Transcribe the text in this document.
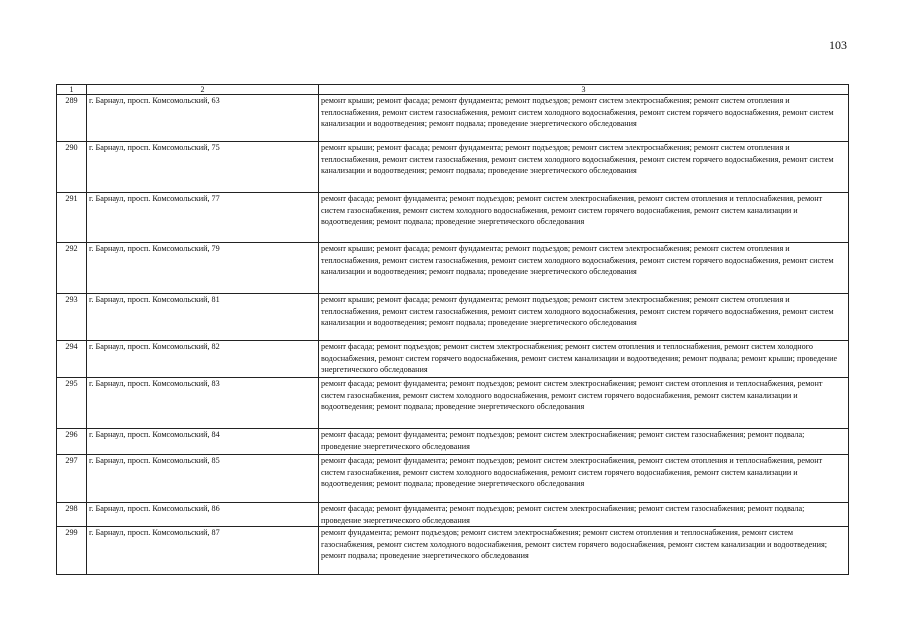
103
1	2	3
289	г. Барнаул, просп. Комсомольский, 63	ремонт крыши; ремонт фасада; ремонт фундамента; ремонт подъездов; ремонт систем электроснабжения; ремонт систем отопления и теплоснабжения, ремонт систем газоснабжения, ремонт систем холодного водоснабжения, ремонт систем горячего водоснабжения, ремонт систем канализации и водоотведения; ремонт подвала; проведение энергетического обследования
290	г. Барнаул, просп. Комсомольский, 75	ремонт крыши; ремонт фасада; ремонт фундамента; ремонт подъездов; ремонт систем электроснабжения; ремонт систем отопления и теплоснабжения, ремонт систем газоснабжения, ремонт систем холодного водоснабжения, ремонт систем горячего водоснабжения, ремонт систем канализации и водоотведения; ремонт подвала; проведение энергетического обследования
291	г. Барнаул, просп. Комсомольский, 77	ремонт фасада; ремонт фундамента; ремонт подъездов; ремонт систем электроснабжения, ремонт систем отопления и теплоснабжения, ремонт систем газоснабжения, ремонт систем холодного водоснабжения, ремонт систем горячего водоснабжения, ремонт систем канализации и водоотведения; ремонт подвала; проведение энергетического обследования
292	г. Барнаул, просп. Комсомольский, 79	ремонт крыши; ремонт фасада; ремонт фундамента; ремонт подъездов; ремонт систем электроснабжения; ремонт систем отопления и теплоснабжения, ремонт систем газоснабжения, ремонт систем холодного водоснабжения, ремонт систем горячего водоснабжения, ремонт систем канализации и водоотведения; ремонт подвала; проведение энергетического обследования
293	г. Барнаул, просп. Комсомольский, 81	ремонт крыши; ремонт фасада; ремонт фундамента; ремонт подъездов; ремонт систем электроснабжения; ремонт систем отопления и теплоснабжения, ремонт систем газоснабжения, ремонт систем холодного водоснабжения, ремонт систем горячего водоснабжения, ремонт систем канализации и водоотведения; ремонт подвала; проведение энергетического обследования
294	г. Барнаул, просп. Комсомольский, 82	ремонт фасада; ремонт подъездов; ремонт систем электроснабжения; ремонт систем отопления и теплоснабжения, ремонт систем холодного водоснабжения, ремонт систем горячего водоснабжения, ремонт систем канализации и водоотведения; ремонт подвала; ремонт крыши; проведение энергетического обследования
295	г. Барнаул, просп. Комсомольский, 83	ремонт фасада; ремонт фундамента; ремонт подъездов; ремонт систем электроснабжения; ремонт систем отопления и теплоснабжения, ремонт систем газоснабжения, ремонт систем холодного водоснабжения, ремонт систем горячего водоснабжения, ремонт систем канализации и водоотведения; ремонт подвала; проведение энергетического обследования
296	г. Барнаул, просп. Комсомольский, 84	ремонт фасада; ремонт фундамента; ремонт подъездов; ремонт систем электроснабжения; ремонт систем газоснабжения; ремонт подвала; проведение энергетического обследования
297	г. Барнаул, просп. Комсомольский, 85	ремонт фасада; ремонт фундамента; ремонт подъездов; ремонт систем электроснабжения, ремонт систем отопления и теплоснабжения, ремонт систем газоснабжения, ремонт систем холодного водоснабжения, ремонт систем горячего водоснабжения, ремонт систем канализации и водоотведения; ремонт подвала; проведение энергетического обследования
298	г. Барнаул, просп. Комсомольский, 86	ремонт фасада; ремонт фундамента; ремонт подъездов; ремонт систем электроснабжения; ремонт систем газоснабжения; ремонт подвала; проведение энергетического обследования
299	г. Барнаул, просп. Комсомольский, 87	ремонт фундамента; ремонт подъездов; ремонт систем электроснабжения; ремонт систем отопления и теплоснабжения, ремонт систем газоснабжения, ремонт систем холодного водоснабжения, ремонт систем горячего водоснабжения, ремонт систем канализации и водоотведения; ремонт подвала; проведение энергетического обследования
